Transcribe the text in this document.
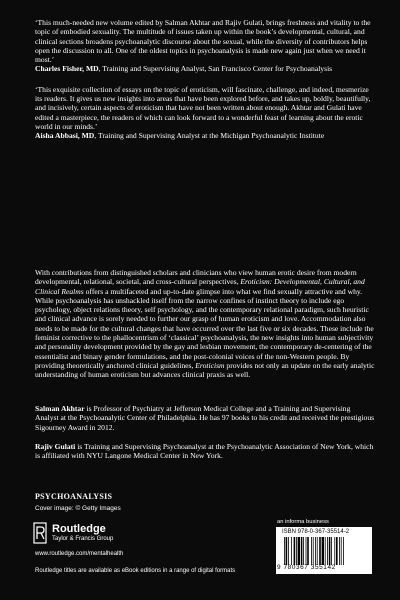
‘This much-needed new volume edited by Salman Akhtar and Rajiv Gulati, brings freshness and vitality to the topic of embodied sexuality. The multitude of issues taken up within the book’s developmental, cultural, and clinical sections broadens psychoanalytic discourse about the sexual, while the diversity of contributors helps open the discussion to all. One of the oldest topics in psychoanalysis is made new again just when we need it most.’

Charles Fisher, MD, Training and Supervising Analyst, San Francisco Center for Psychoanalysis

‘This exquisite collection of essays on the topic of eroticism, will fascinate, challenge, and indeed, mesmerize its readers. It gives us new insights into areas that have been explored before, and takes up, boldly, beautifully, and incisively, certain aspects of eroticism that have not been written about enough. Akhtar and Gulati have edited a masterpiece, the readers of which can look forward to a wonderful feast of learning about the erotic world in our minds.’

Aisha Abbasi, MD, Training and Supervising Analyst at the Michigan Psychoanalytic Institute

With contributions from distinguished scholars and clinicians who view human erotic desire from modern developmental, relational, societal, and cross-cultural perspectives, Eroticism: Developmental, Cultural, and Clinical Realms offers a multifaceted and up-to-date glimpse into what we find sexually attractive and why. While psychoanalysis has unshackled itself from the narrow confines of instinct theory to include ego psychology, object relations theory, self psychology, and the contemporary relational paradigm, such heuristic and clinical advance is sorely needed to further our grasp of human eroticism and love. Accommodation also needs to be made for the cultural changes that have occurred over the last five or six decades. These include the feminist corrective to the phallocentrism of ‘classical’ psychoanalysis, the new insights into human subjectivity and personality development provided by the gay and lesbian movement, the contemporary de-centering of the essentialist and binary gender formulations, and the post-colonial voices of the non-Western people. By providing theoretically anchored clinical guidelines, Eroticism provides not only an update on the early analytic understanding of human eroticism but advances clinical praxis as well.

Salman Akhtar is Professor of Psychiatry at Jefferson Medical College and a Training and Supervising Analyst at the Psychoanalytic Center of Philadelphia. He has 97 books to his credit and received the prestigious Sigourney Award in 2012.

Rajiv Gulati is Training and Supervising Psychoanalyst at the Psychoanalytic Association of New York, which is affiliated with NYU Langone Medical Center in New York.

PSYCHOANALYSIS

Cover image: © Getty Images

Routledge
Taylor & Francis Group

www.routledge.com/mentalhealth

Routledge titles are available as eBook editions in a range of digital formats

an informa business

ISBN 978-0-367-35514-2

9 780367 355142
